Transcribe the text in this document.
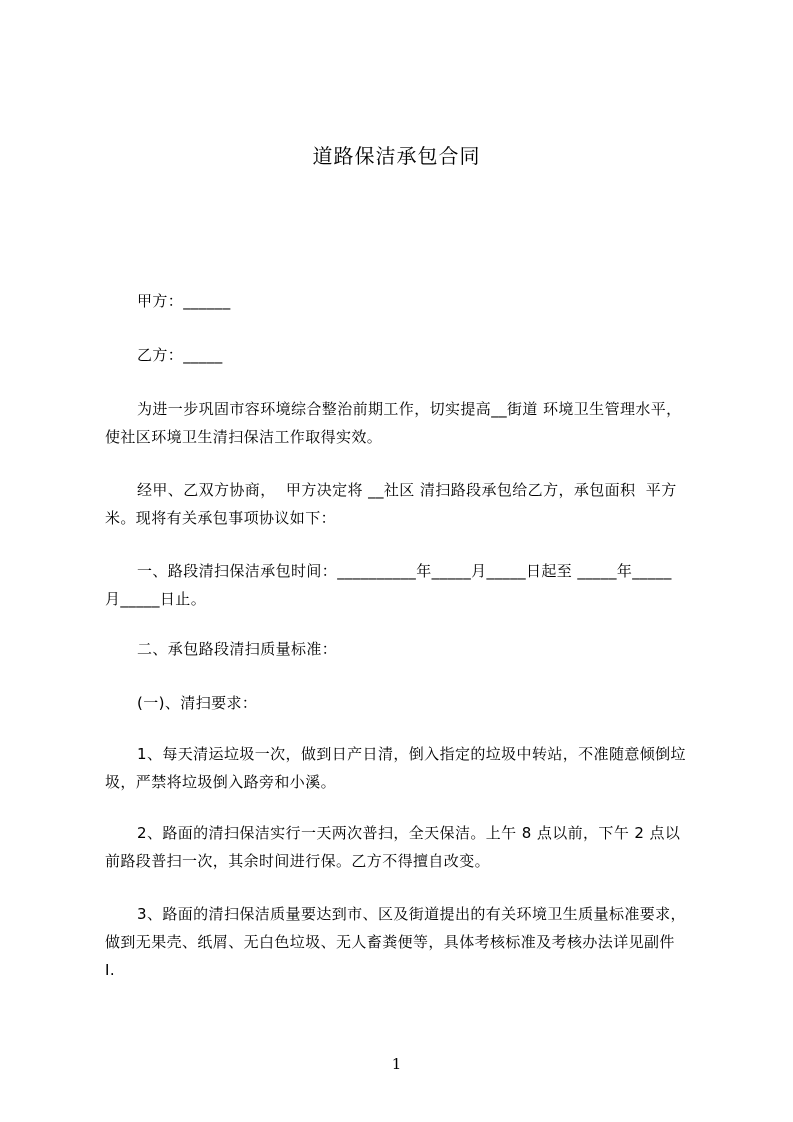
道路保洁承包合同
甲方：______
乙方：_____
为进一步巩固市容环境综合整治前期工作，切实提高__街道 环境卫生管理水平，
使社区环境卫生清扫保洁工作取得实效。
经甲、乙双方协商，  甲方决定将 __社区 清扫路段承包给乙方，承包面积  平方
米。现将有关承包事项协议如下：
一、路段清扫保洁承包时间：__________年_____月_____日起至 _____年_____
月_____日止。
二、承包路段清扫质量标准：
(一)、清扫要求：
1、每天清运垃圾一次，做到日产日清，倒入指定的垃圾中转站，不准随意倾倒垃
圾，严禁将垃圾倒入路旁和小溪。
2、路面的清扫保洁实行一天两次普扫，全天保洁。上午 8 点以前，下午 2 点以
前路段普扫一次，其余时间进行保。乙方不得擅自改变。
3、路面的清扫保洁质量要达到市、区及街道提出的有关环境卫生质量标准要求，
做到无果壳、纸屑、无白色垃圾、无人畜粪便等，具体考核标准及考核办法详见副件
I.
1
